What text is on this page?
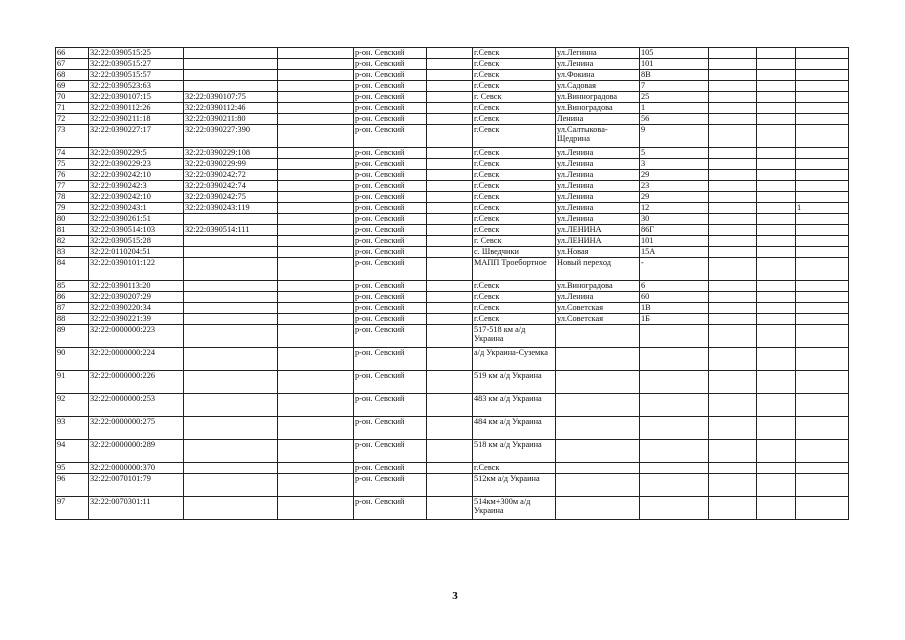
66	32:22:0390515:25			р-он. Севский		г.Севск	ул.Легинна	105			
67	32:22:0390515:27			р-он. Севский		г.Севск	ул.Ленина	101			
68	32:22:0390515:57			р-он. Севский		г.Севск	ул.Фокина	8В			
69	32:22:0390523:63			р-он. Севский		г.Севск	ул.Садовая	7			
70	32:22:0390107:15	32:22:0390107:75		р-он. Севский		г. Севск	ул.Винноградова	25			
71	32:22:0390112:26	32:22:0390112:46		р-он. Севский		г.Севск	ул.Виноградова	1			
72	32:22:0390211:18	32:22:0390211:80		р-он. Севский		г.Севск	Ленина	56			
73	32:22:0390227:17	32:22:0390227:390		р-он. Севский		г.Севск	ул.Салтыкова-Щедрина	9			
74	32:22:0390229:5	32:22:0390229:108		р-он. Севский		г.Севск	ул.Ленина	5			
75	32:22:0390229:23	32:22:0390229:99		р-он. Севский		г.Севск	ул.Ленина	3			
76	32:22:0390242:10	32:22:0390242:72		р-он. Севский		г.Севск	ул.Ленина	29			
77	32:22:0390242:3	32:22:0390242:74		р-он. Севский		г.Севск	ул.Ленина	23			
78	32:22:0390242:10	32:22:0390242:75		р-он. Севский		г.Севск	ул.Ленина	29			
79	32:22:0390243:1	32:22:0390243:119		р-он. Севский		г.Севск	ул.Ленина	12			1
80	32:22:0390261:51			р-он. Севский		г.Севск	ул.Ленина	30			
81	32:22:0390514:103	32:22:0390514:111		р-он. Севский		г.Севск	ул.ЛЕНИНА	86Г			
82	32:22:0390515:28			р-он. Севский		г. Севск	ул.ЛЕНИНА	101			
83	32:22:0110204:51			р-он. Севский		с. Шведчики	ул.Новая	15А			
84	32:22:0390101:122			р-он. Севский		МАПП Троебортное	Новый переход	-			
85	32:22:0390113:20			р-он. Севский		г.Севск	ул.Виноградова	6			
86	32:22:0390207:29			р-он. Севский		г.Севск	ул.Ленина	60			
87	32:22:0390220:34			р-он. Севский		г.Севск	ул.Советская	1В			
88	32:22:0390221:39			р-он. Севский		г.Севск	ул.Советская	1Б			
89	32:22:0000000:223			р-он. Севский		517-518 км а/д Украина					
90	32:22:0000000:224			р-он. Севский		а/д Украина-Суземка					
91	32:22:0000000:226			р-он. Севский		519 км а/д Украина					
92	32:22:0000000:253			р-он. Севский		483 км а/д Украина					
93	32:22:0000000:275			р-он. Севский		484 км а/д Украина					
94	32:22:0000000:289			р-он. Севский		518 км а/д Украина					
95	32:22:0000000:370			р-он. Севский		г.Севск					
96	32:22:0070101:79			р-он. Севский		512км а/д Украина					
97	32:22:0070301:11			р-он. Севский		514км+300м а/д Украина					
3
